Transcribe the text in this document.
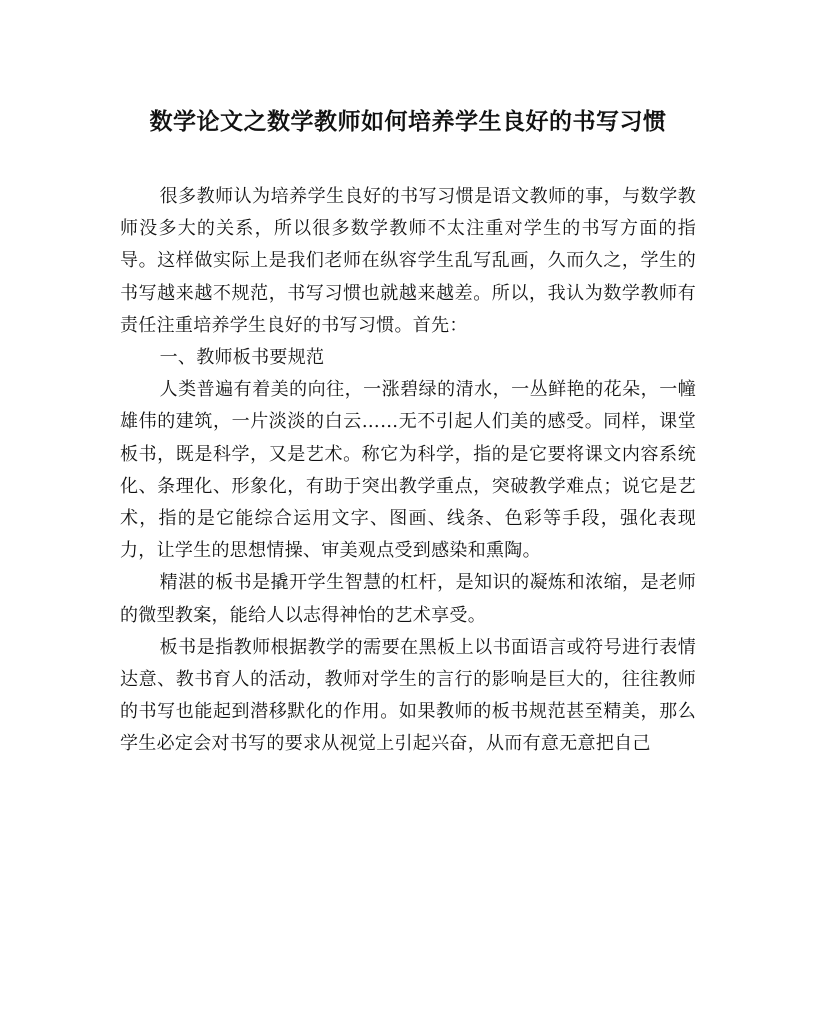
数学论文之数学教师如何培养学生良好的书写习惯

很多教师认为培养学生良好的书写习惯是语文教师的事，与数学教师没多大的关系，所以很多数学教师不太注重对学生的书写方面的指导。这样做实际上是我们老师在纵容学生乱写乱画，久而久之，学生的书写越来越不规范，书写习惯也就越来越差。所以，我认为数学教师有责任注重培养学生良好的书写习惯。首先：

一、教师板书要规范

人类普遍有着美的向往，一涨碧绿的清水，一丛鲜艳的花朵，一幢雄伟的建筑，一片淡淡的白云……无不引起人们美的感受。同样，课堂板书，既是科学，又是艺术。称它为科学，指的是它要将课文内容系统化、条理化、形象化，有助于突出教学重点，突破教学难点；说它是艺术，指的是它能综合运用文字、图画、线条、色彩等手段，强化表现力，让学生的思想情操、审美观点受到感染和熏陶。

精湛的板书是撬开学生智慧的杠杆，是知识的凝炼和浓缩，是老师的微型教案，能给人以志得神怡的艺术享受。

板书是指教师根据教学的需要在黑板上以书面语言或符号进行表情达意、教书育人的活动，教师对学生的言行的影响是巨大的，往往教师的书写也能起到潜移默化的作用。如果教师的板书规范甚至精美，那么学生必定会对书写的要求从视觉上引起兴奋，从而有意无意把自己
